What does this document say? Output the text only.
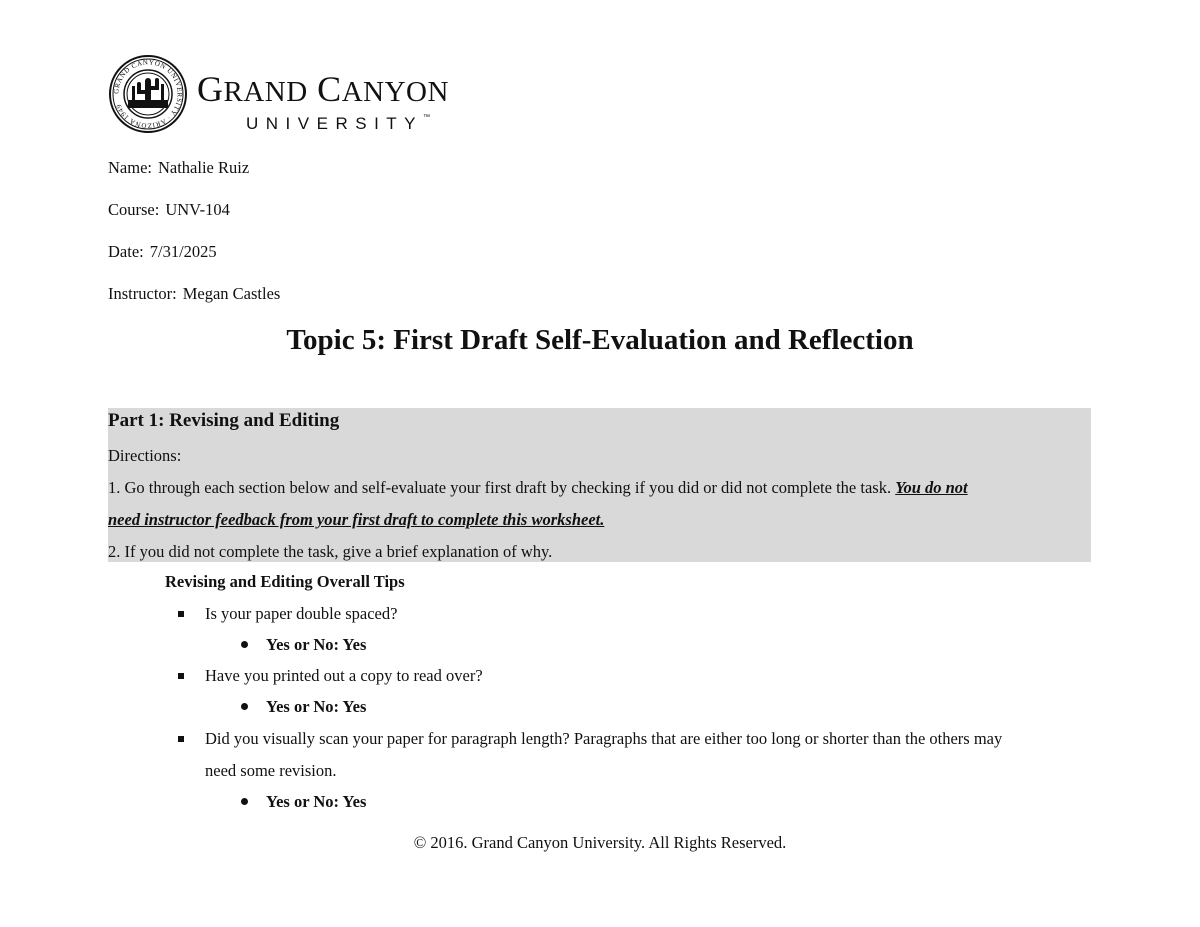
GRAND CANYON UNIVERSITY · ARIZONA 1949	GRAND CANYON
UNIVERSITY™
Name: Nathalie Ruiz
Course: UNV-104
Date: 7/31/2025
Instructor: Megan Castles
Topic 5: First Draft Self-Evaluation and Reflection
Part 1: Revising and Editing
Directions:
1. Go through each section below and self-evaluate your first draft by checking if you did or did not complete the task. You do not
need instructor feedback from your first draft to complete this worksheet.
2. If you did not complete the task, give a brief explanation of why.
Revising and Editing Overall Tips
Is your paper double spaced?
Yes or No: Yes
Have you printed out a copy to read over?
Yes or No: Yes
Did you visually scan your paper for paragraph length? Paragraphs that are either too long or shorter than the others may
need some revision.
Yes or No: Yes
© 2016. Grand Canyon University. All Rights Reserved.
